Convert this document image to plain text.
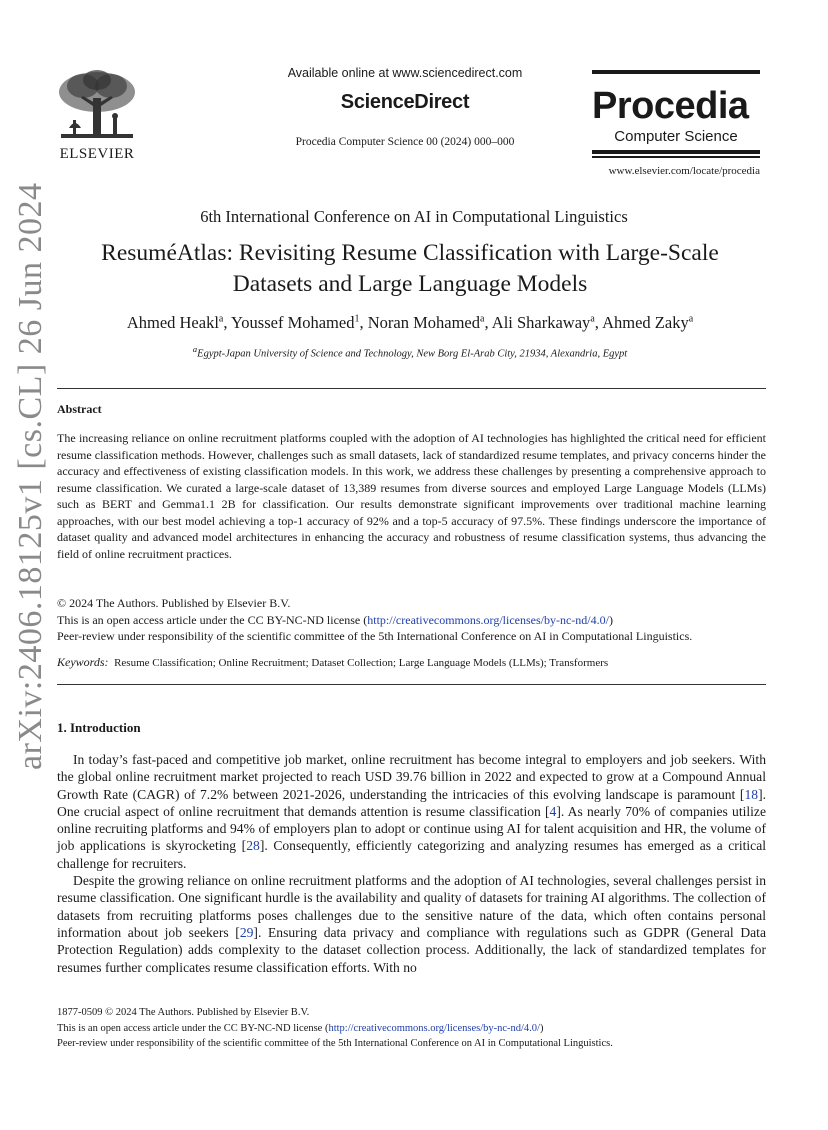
arXiv:2406.18125v1 [cs.CL] 26 Jun 2024
ELSEVIER
Available online at www.sciencedirect.com
ScienceDirect
Procedia Computer Science 00 (2024) 000–000
Procedia
Computer Science
www.elsevier.com/locate/procedia
6th International Conference on AI in Computational Linguistics
ResuméAtlas: Revisiting Resume Classification with Large-Scale
Datasets and Large Language Models
Ahmed Heakl$^a$, Youssef Mohamed$^1$, Noran Mohamed$^a$, Ali Sharkaway$^a$, Ahmed Zaky$^a$
$^a$Egypt-Japan University of Science and Technology, New Borg El-Arab City, 21934, Alexandria, Egypt
Abstract
The increasing reliance on online recruitment platforms coupled with the adoption of AI technologies has highlighted the critical need for efficient resume classification methods. However, challenges such as small datasets, lack of standardized resume templates, and privacy concerns hinder the accuracy and effectiveness of existing classification models. In this work, we address these challenges by presenting a comprehensive approach to resume classification. We curated a large-scale dataset of 13,389 resumes from diverse sources and employed Large Language Models (LLMs) such as BERT and Gemma1.1 2B for classification. Our results demonstrate significant improvements over traditional machine learning approaches, with our best model achieving a top-1 accuracy of 92% and a top-5 accuracy of 97.5%. These findings underscore the importance of dataset quality and advanced model architectures in enhancing the accuracy and robustness of resume classification systems, thus advancing the field of online recruitment practices.
© 2024 The Authors. Published by Elsevier B.V.
This is an open access article under the CC BY-NC-ND license (http://creativecommons.org/licenses/by-nc-nd/4.0/)
Peer-review under responsibility of the scientific committee of the 5th International Conference on AI in Computational Linguistics.
Keywords: Resume Classification; Online Recruitment; Dataset Collection; Large Language Models (LLMs); Transformers
1. Introduction

In today’s fast-paced and competitive job market, online recruitment has become integral to employers and job seekers. With the global online recruitment market projected to reach USD 39.76 billion in 2022 and expected to grow at a Compound Annual Growth Rate (CAGR) of 7.2% between 2021-2026, understanding the intricacies of this evolving landscape is paramount [18]. One crucial aspect of online recruitment that demands attention is resume classification [4]. As nearly 70% of companies utilize online recruiting platforms and 94% of employers plan to adopt or continue using AI for talent acquisition and HR, the volume of job applications is skyrocketing [28]. Consequently, efficiently categorizing and analyzing resumes has emerged as a critical challenge for recruiters.

Despite the growing reliance on online recruitment platforms and the adoption of AI technologies, several challenges persist in resume classification. One significant hurdle is the availability and quality of datasets for training AI algorithms. The collection of datasets from recruiting platforms poses challenges due to the sensitive nature of the data, which often contains personal information about job seekers [29]. Ensuring data privacy and compliance with regulations such as GDPR (General Data Protection Regulation) adds complexity to the dataset collection process. Additionally, the lack of standardized templates for resumes further complicates resume classification efforts. With no

1877-0509 © 2024 The Authors. Published by Elsevier B.V.
This is an open access article under the CC BY-NC-ND license (http://creativecommons.org/licenses/by-nc-nd/4.0/)
Peer-review under responsibility of the scientific committee of the 5th International Conference on AI in Computational Linguistics.
